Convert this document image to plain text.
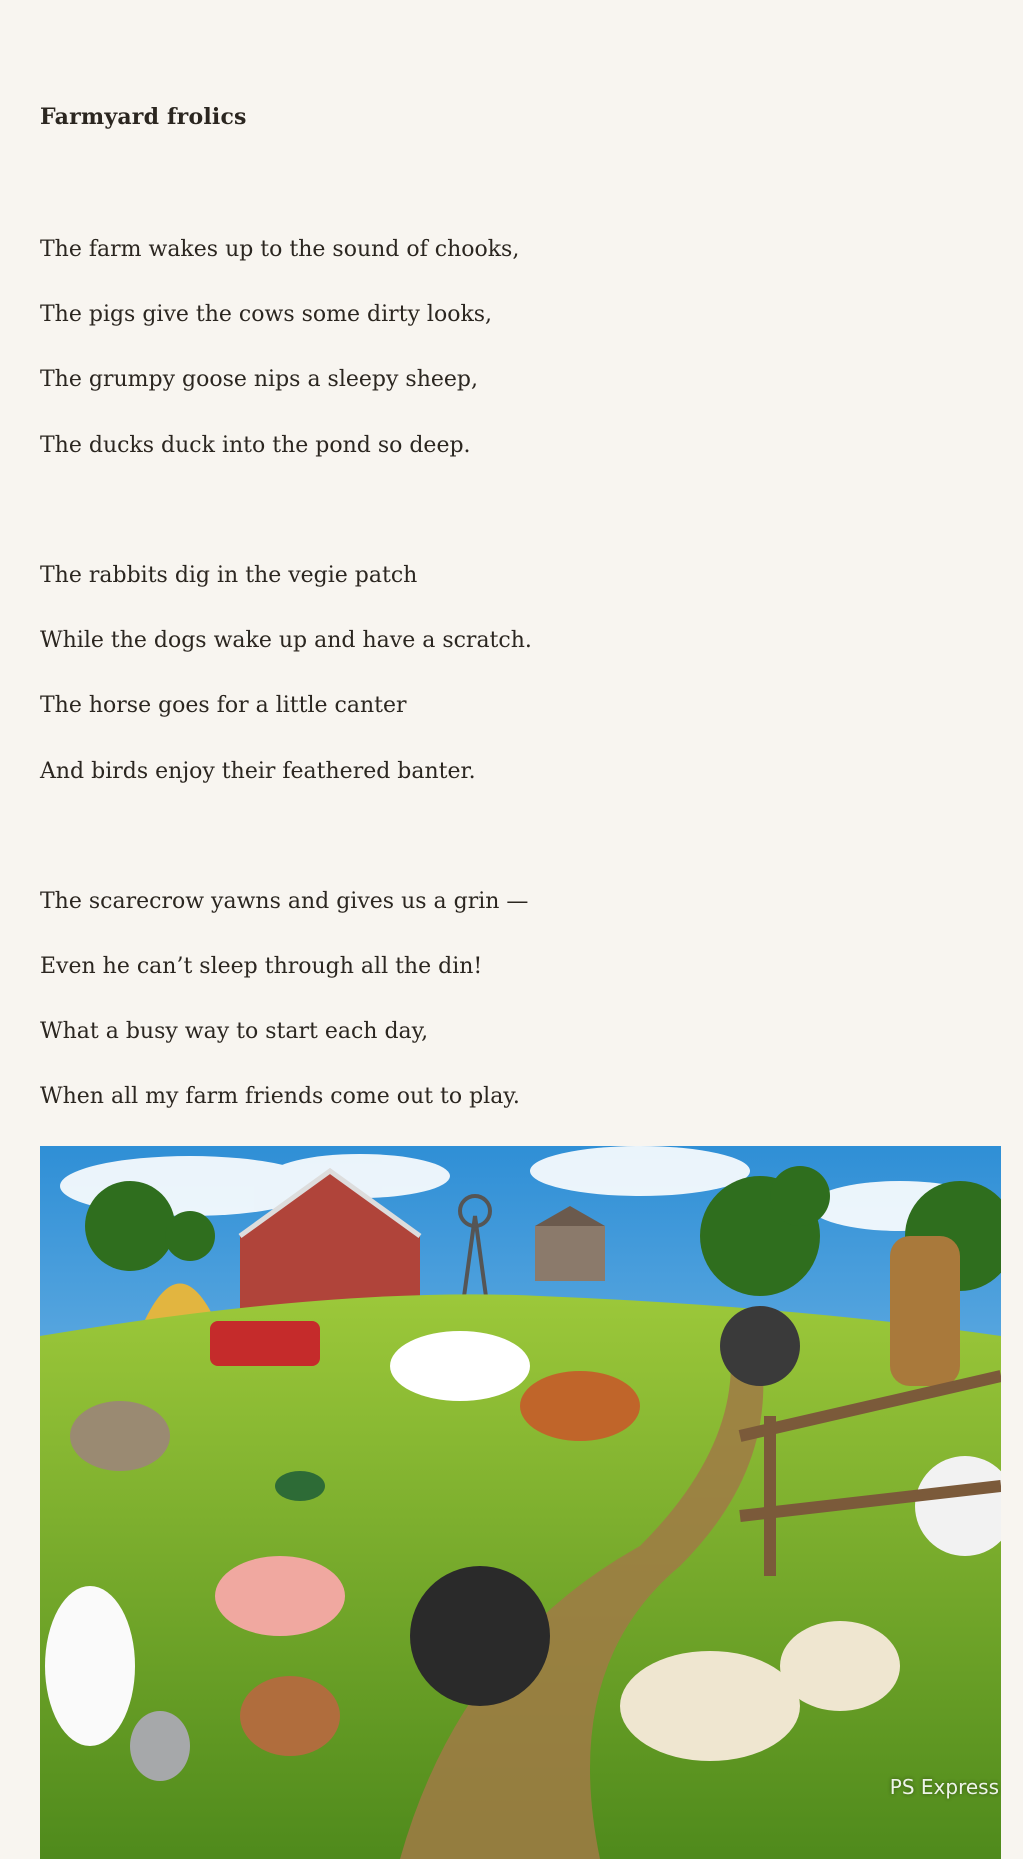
Farmyard frolics
The farm wakes up to the sound of chooks,
The pigs give the cows some dirty looks,
The grumpy goose nips a sleepy sheep,
The ducks duck into the pond so deep.
The rabbits dig in the vegie patch
While the dogs wake up and have a scratch.
The horse goes for a little canter
And birds enjoy their feathered banter.
The scarecrow yawns and gives us a grin —
Even he can’t sleep through all the din!
What a busy way to start each day,
When all my farm friends come out to play.
PS Express
